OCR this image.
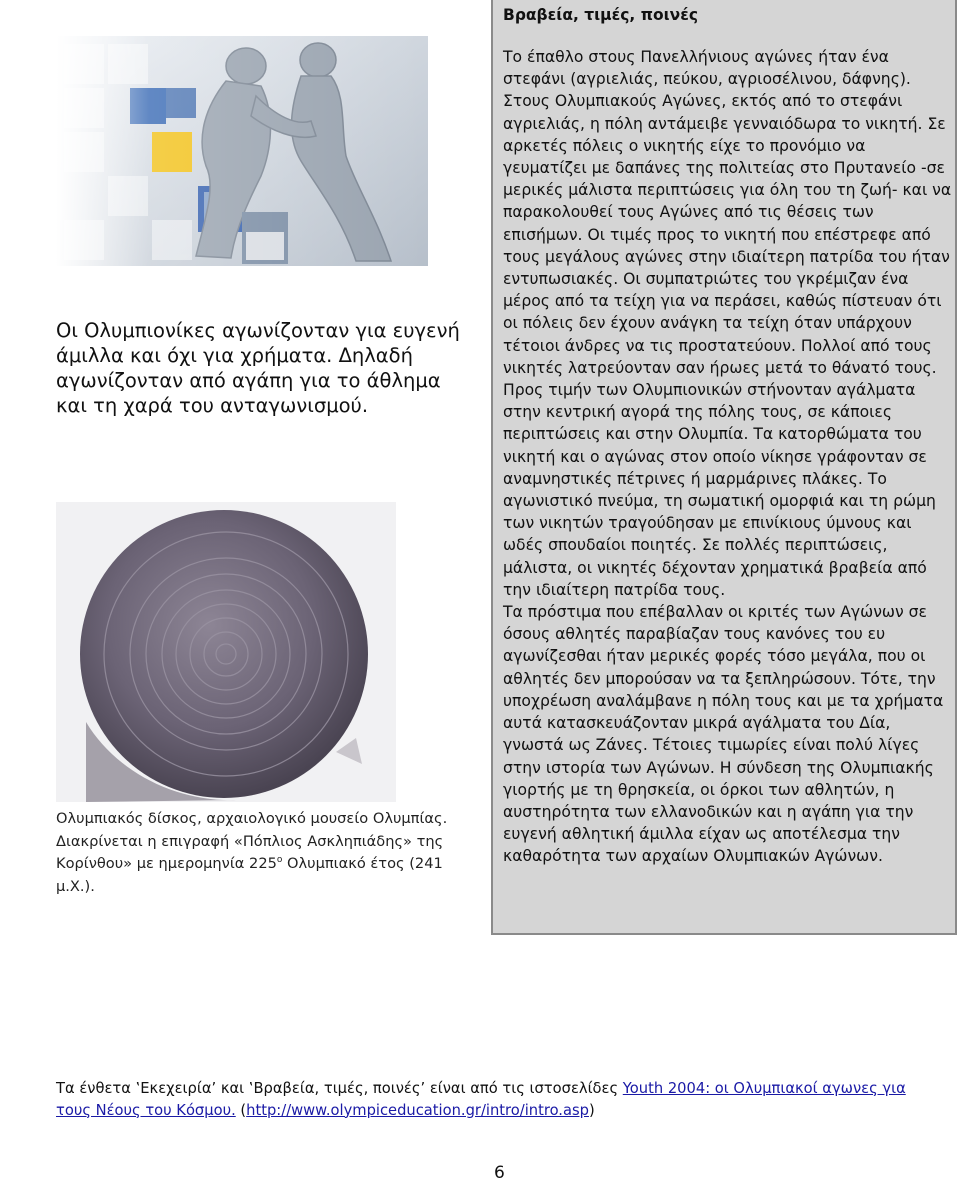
Οι Ολυμπιονίκες αγωνίζονταν για ευγενή άμιλλα και όχι για χρήματα. Δηλαδή αγωνίζονταν από αγάπη για το άθλημα και τη χαρά του ανταγωνισμού.
Ολυμπιακός δίσκος, αρχαιολογικό μουσείο Ολυμπίας. Διακρίνεται η επιγραφή «Πόπλιος Ασκληπιάδης» της Κορίνθου» με ημερομηνία $225^o$ Ολυμπιακό έτος (241 μ.Χ.).
Βραβεία, τιμές, ποινές
Το έπαθλο στους Πανελλήνιους αγώνες ήταν ένα στεφάνι (αγριελιάς, πεύκου, αγριοσέλινου, δάφνης). Στους Ολυμπιακούς Αγώνες, εκτός από το στεφάνι αγριελιάς, η πόλη αντάμειβε γενναιόδωρα το νικητή. Σε αρκετές πόλεις ο νικητής είχε το προνόμιο να γευματίζει με δαπάνες της πολιτείας στο Πρυτανείο -σε μερικές μάλιστα περιπτώσεις για όλη του τη ζωή- και να παρακολουθεί τους Αγώνες από τις θέσεις των επισήμων. Οι τιμές προς το νικητή που επέστρεφε από τους μεγάλους αγώνες στην ιδιαίτερη πατρίδα του ήταν εντυπωσιακές. Οι συμπατριώτες του γκρέμιζαν ένα μέρος από τα τείχη για να περάσει, καθώς πίστευαν ότι οι πόλεις δεν έχουν ανάγκη τα τείχη όταν υπάρχουν τέτοιοι άνδρες να τις προστατεύουν. Πολλοί από τους νικητές λατρεύονταν σαν ήρωες μετά το θάνατό τους. Προς τιμήν των Ολυμπιονικών στήνονταν αγάλματα στην κεντρική αγορά της πόλης τους, σε κάποιες περιπτώσεις και στην Ολυμπία. Τα κατορθώματα του νικητή και ο αγώνας στον οποίο νίκησε γράφονταν σε αναμνηστικές πέτρινες ή μαρμάρινες πλάκες. Το αγωνιστικό πνεύμα, τη σωματική ομορφιά και τη ρώμη των νικητών τραγούδησαν με επινίκιους ύμνους και ωδές σπουδαίοι ποιητές. Σε πολλές περιπτώσεις, μάλιστα, οι νικητές δέχονταν χρηματικά βραβεία από την ιδιαίτερη πατρίδα τους.
Τα πρόστιμα που επέβαλλαν οι κριτές των Αγώνων σε όσους αθλητές παραβίαζαν τους κανόνες του ευ αγωνίζεσθαι ήταν μερικές φορές τόσο μεγάλα, που οι αθλητές δεν μπορούσαν να τα ξεπληρώσουν. Τότε, την υποχρέωση αναλάμβανε η πόλη τους και με τα χρήματα αυτά κατασκευάζονταν μικρά αγάλματα του Δία, γνωστά ως Ζάνες. Τέτοιες τιμωρίες είναι πολύ λίγες στην ιστορία των Αγώνων. Η σύνδεση της Ολυμπιακής γιορτής με τη θρησκεία, οι όρκοι των αθλητών, η αυστηρότητα των ελλανοδικών και η αγάπη για την ευγενή αθλητική άμιλλα είχαν ως αποτέλεσμα την καθαρότητα των αρχαίων Ολυμπιακών Αγώνων.
Τα ένθετα ‛Εκεχειρία’ και ‛Βραβεία, τιμές, ποινές’ είναι από τις ιστοσελίδες Youth 2004: οι Ολυμπιακοί αγωνες για τους Νέους του Κόσμου. (http://www.olympiceducation.gr/intro/intro.asp)
6
